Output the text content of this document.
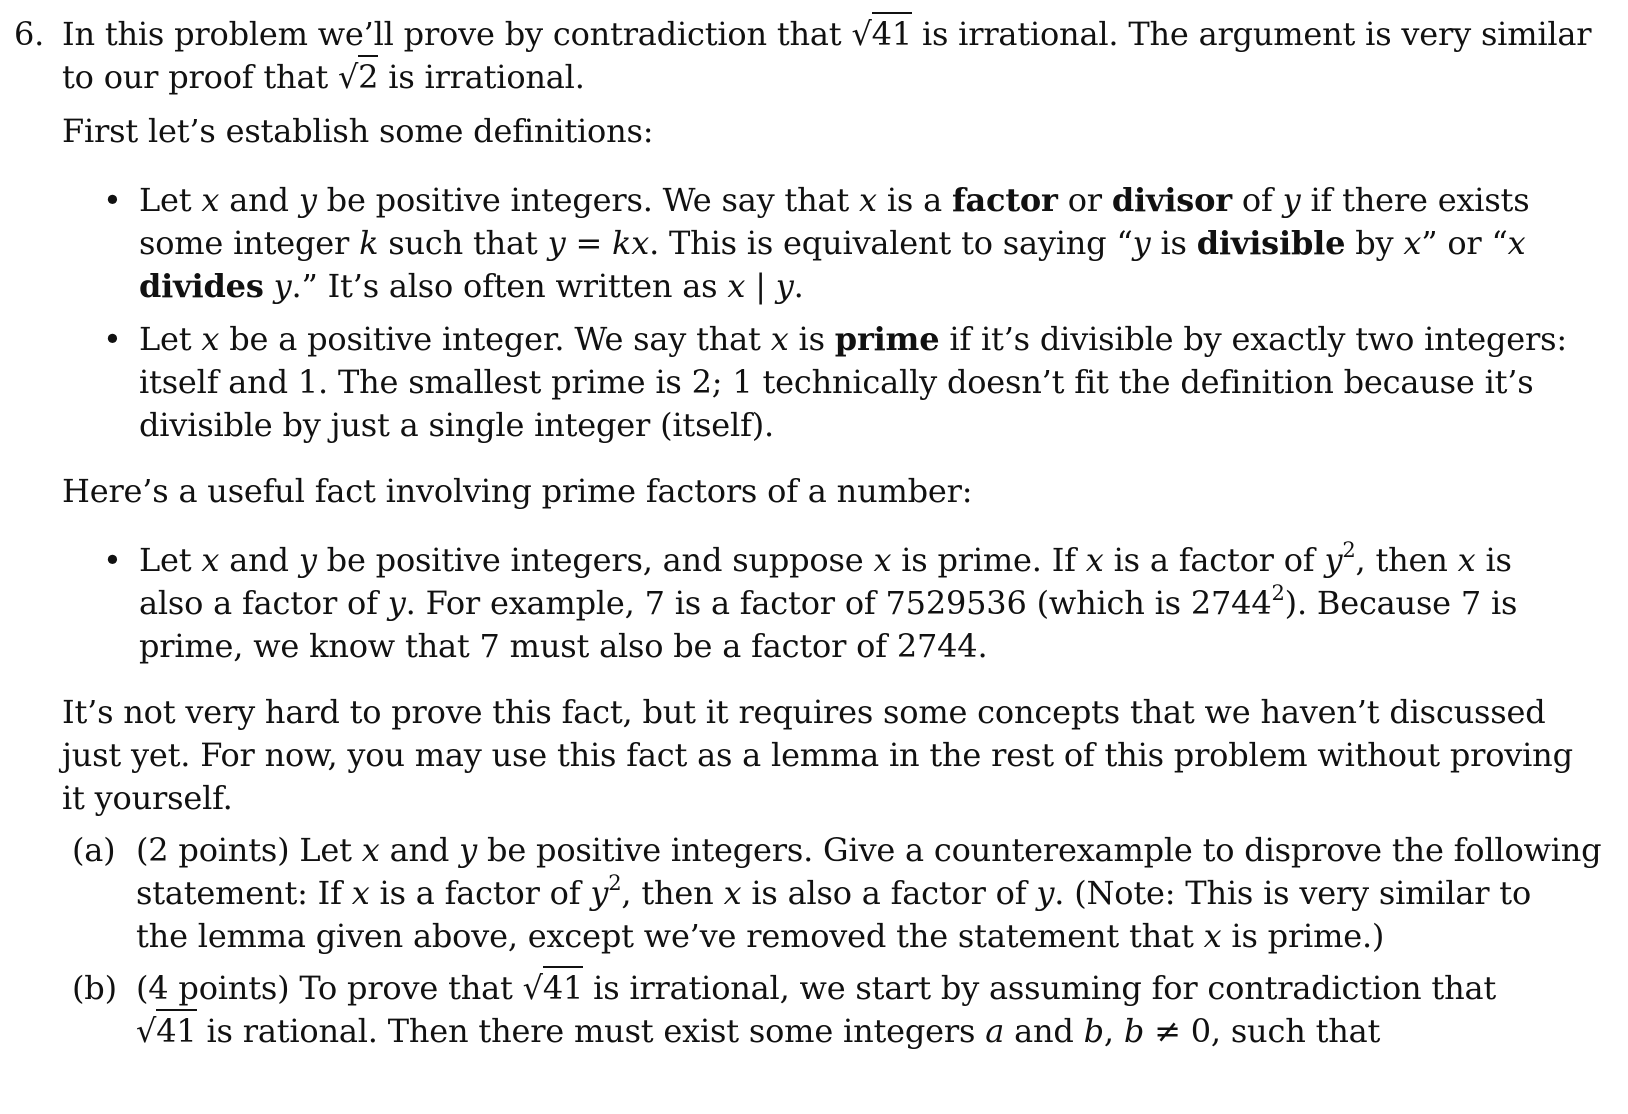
6. In this problem we’ll prove by contradiction that √41 is irrational. The argument is very similar
to our proof that √2 is irrational.
First let’s establish some definitions:
• Let x and y be positive integers. We say that x is a factor or divisor of y if there exists
some integer k such that y = kx. This is equivalent to saying “y is divisible by x” or “x
divides y.” It’s also often written as x | y.
• Let x be a positive integer. We say that x is prime if it’s divisible by exactly two integers:
itself and 1. The smallest prime is 2; 1 technically doesn’t fit the definition because it’s
divisible by just a single integer (itself).
Here’s a useful fact involving prime factors of a number:
• Let x and y be positive integers, and suppose x is prime. If x is a factor of $y^2$, then x is
also a factor of y. For example, 7 is a factor of 7529536 (which is 2744$^2$). Because 7 is
prime, we know that 7 must also be a factor of 2744.
It’s not very hard to prove this fact, but it requires some concepts that we haven’t discussed
just yet. For now, you may use this fact as a lemma in the rest of this problem without proving
it yourself.
(a) (2 points) Let x and y be positive integers. Give a counterexample to disprove the following
statement: If x is a factor of $y^2$, then x is also a factor of y. (Note: This is very similar to
the lemma given above, except we’ve removed the statement that x is prime.)
(b) (4 points) To prove that √41 is irrational, we start by assuming for contradiction that
√41 is rational. Then there must exist some integers a and b, b ≠ 0, such that
